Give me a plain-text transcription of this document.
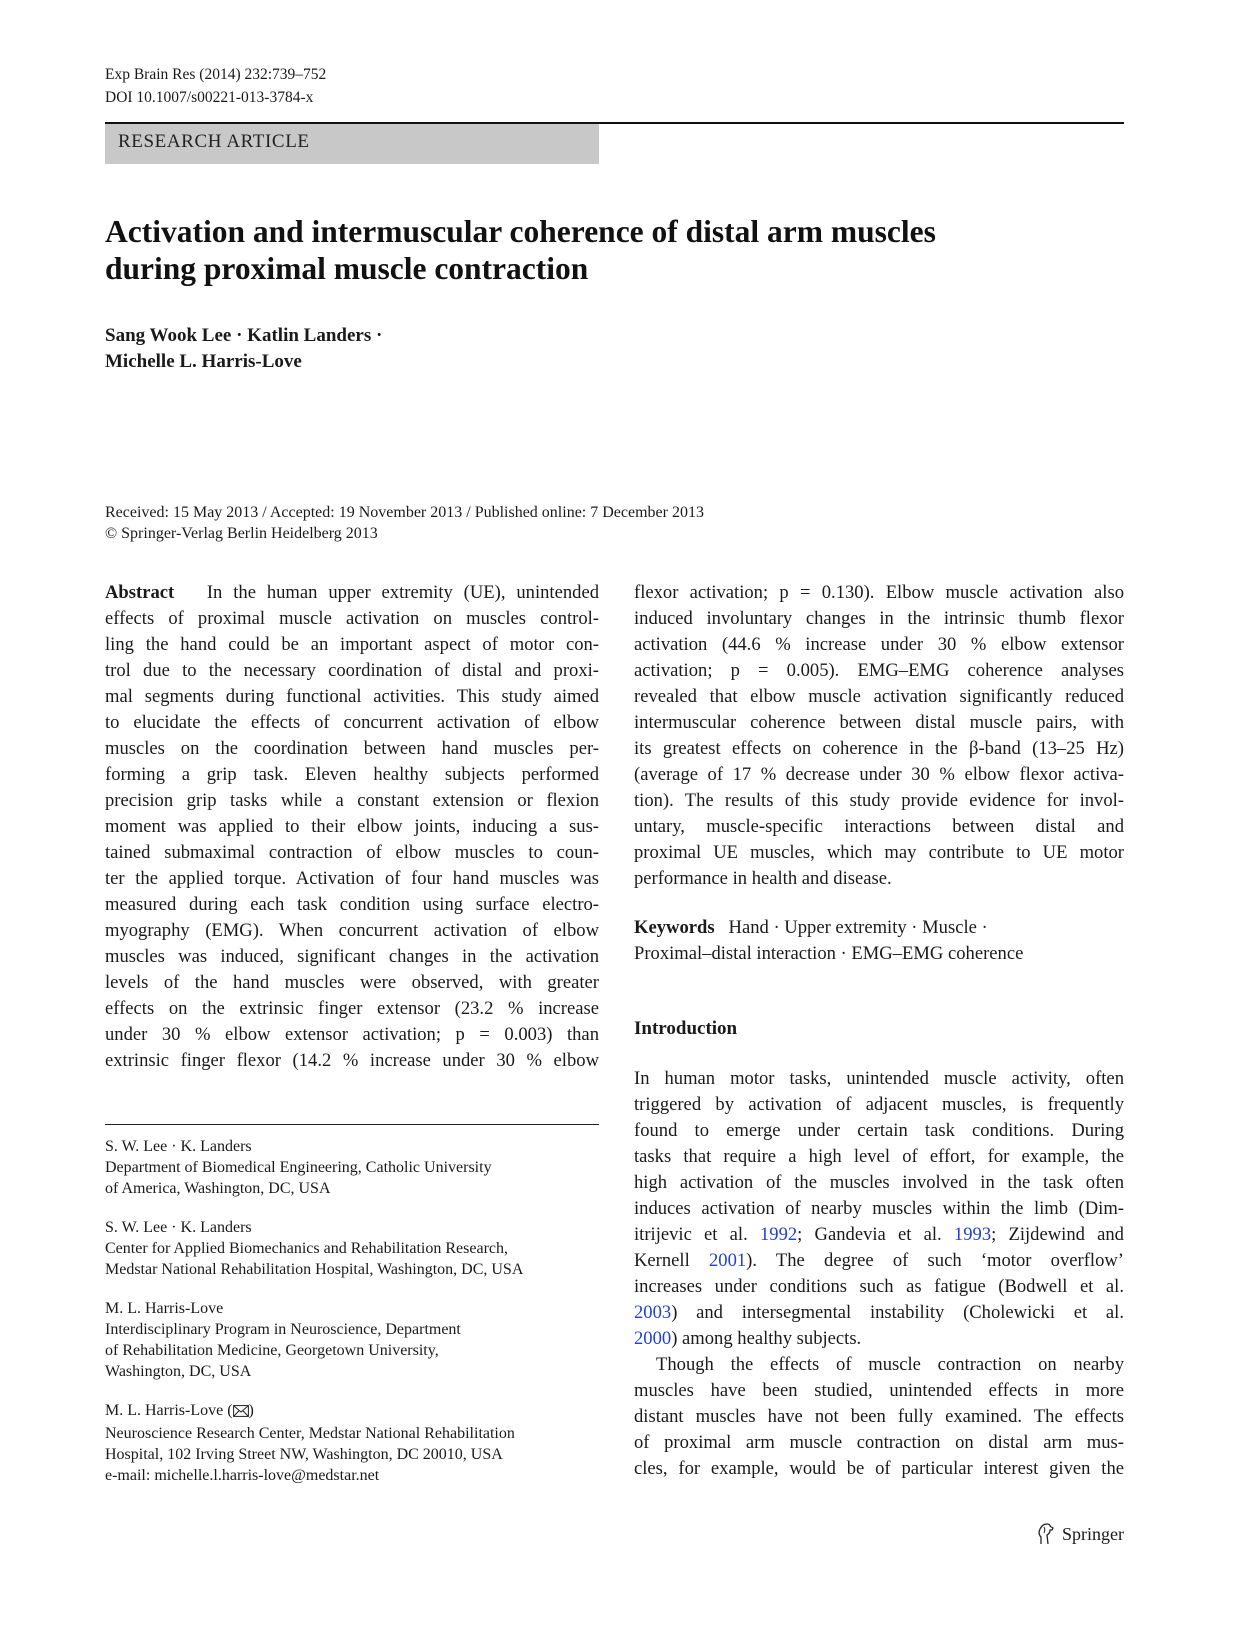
Exp Brain Res (2014) 232:739–752
DOI 10.1007/s00221-013-3784-x
RESEARCH ARTICLE
Activation and intermuscular coherence of distal arm muscles
during proximal muscle contraction
Sang Wook Lee · Katlin Landers ·
Michelle L. Harris-Love
Received: 15 May 2013 / Accepted: 19 November 2013 / Published online: 7 December 2013
© Springer-Verlag Berlin Heidelberg 2013
Abstract In the human upper extremity (UE), unintended
effects of proximal muscle activation on muscles control-
ling the hand could be an important aspect of motor con-
trol due to the necessary coordination of distal and proxi-
mal segments during functional activities. This study aimed
to elucidate the effects of concurrent activation of elbow
muscles on the coordination between hand muscles per-
forming a grip task. Eleven healthy subjects performed
precision grip tasks while a constant extension or flexion
moment was applied to their elbow joints, inducing a sus-
tained submaximal contraction of elbow muscles to coun-
ter the applied torque. Activation of four hand muscles was
measured during each task condition using surface electro-
myography (EMG). When concurrent activation of elbow
muscles was induced, significant changes in the activation
levels of the hand muscles were observed, with greater
effects on the extrinsic finger extensor (23.2 % increase
under 30 % elbow extensor activation; p = 0.003) than
extrinsic finger flexor (14.2 % increase under 30 % elbow
S. W. Lee · K. Landers
Department of Biomedical Engineering, Catholic University
of America, Washington, DC, USA
S. W. Lee · K. Landers
Center for Applied Biomechanics and Rehabilitation Research,
Medstar National Rehabilitation Hospital, Washington, DC, USA
M. L. Harris-Love
Interdisciplinary Program in Neuroscience, Department
of Rehabilitation Medicine, Georgetown University,
Washington, DC, USA
M. L. Harris-Love ( )
Neuroscience Research Center, Medstar National Rehabilitation
Hospital, 102 Irving Street NW, Washington, DC 20010, USA
e-mail: michelle.l.harris-love@medstar.net
flexor activation; p = 0.130). Elbow muscle activation also
induced involuntary changes in the intrinsic thumb flexor
activation (44.6 % increase under 30 % elbow extensor
activation; p = 0.005). EMG–EMG coherence analyses
revealed that elbow muscle activation significantly reduced
intermuscular coherence between distal muscle pairs, with
its greatest effects on coherence in the β-band (13–25 Hz)
(average of 17 % decrease under 30 % elbow flexor activa-
tion). The results of this study provide evidence for invol-
untary, muscle-specific interactions between distal and
proximal UE muscles, which may contribute to UE motor
performance in health and disease.
Keywords Hand · Upper extremity · Muscle ·
Proximal–distal interaction · EMG–EMG coherence
Introduction
In human motor tasks, unintended muscle activity, often
triggered by activation of adjacent muscles, is frequently
found to emerge under certain task conditions. During
tasks that require a high level of effort, for example, the
high activation of the muscles involved in the task often
induces activation of nearby muscles within the limb (Dim-
itrijevic et al. 1992; Gandevia et al. 1993; Zijdewind and
Kernell 2001). The degree of such ‘motor overflow’
increases under conditions such as fatigue (Bodwell et al.
2003) and intersegmental instability (Cholewicki et al.
2000) among healthy subjects.
Though the effects of muscle contraction on nearby
muscles have been studied, unintended effects in more
distant muscles have not been fully examined. The effects
of proximal arm muscle contraction on distal arm mus-
cles, for example, would be of particular interest given the
Springer
